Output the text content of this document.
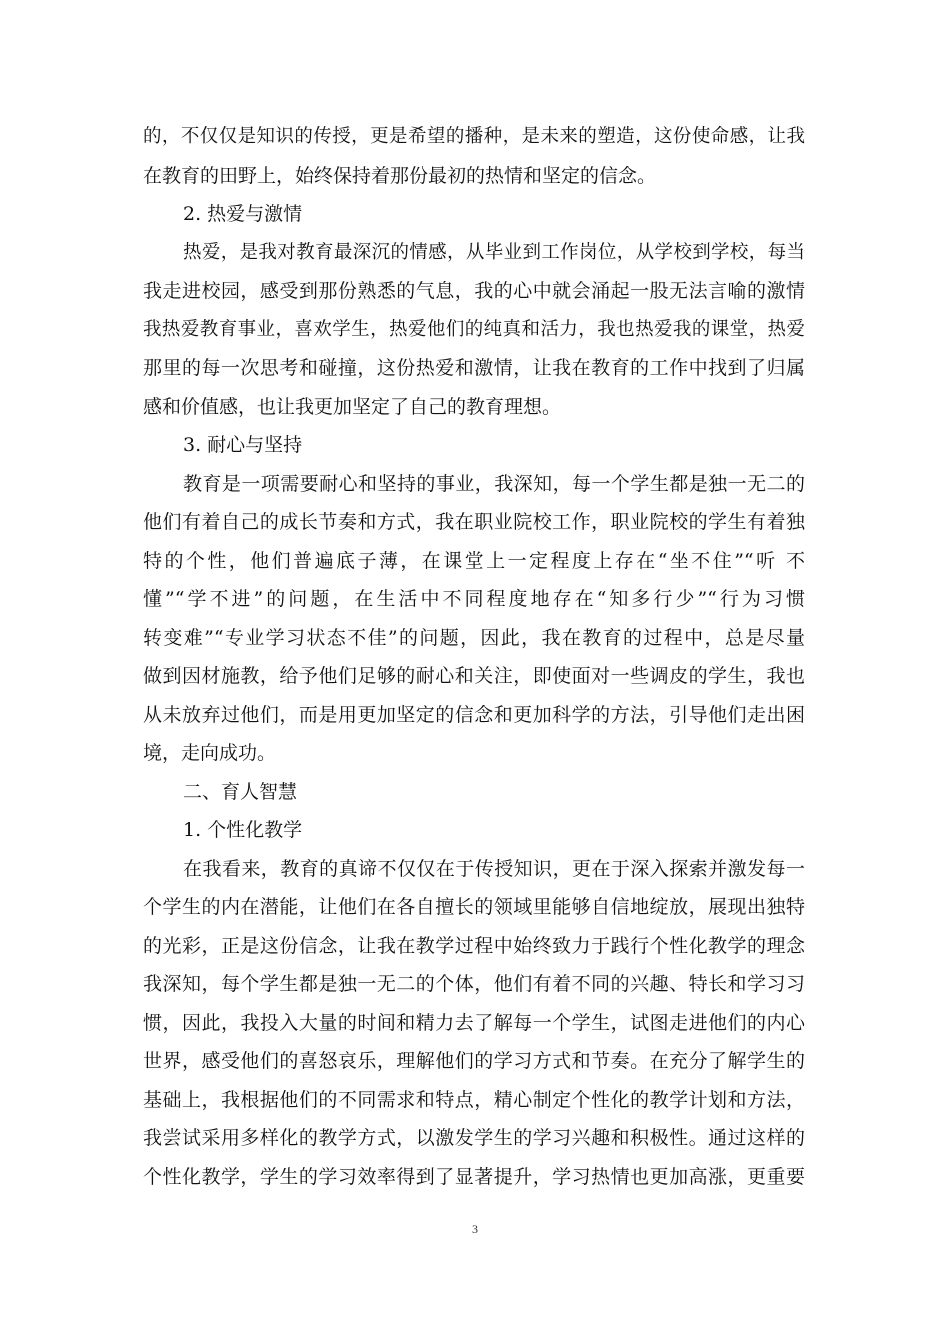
的，不仅仅是知识的传授，更是希望的播种，是未来的塑造，这份使命感，让我
在教育的田野上，始终保持着那份最初的热情和坚定的信念。
2. 热爱与激情
热爱，是我对教育最深沉的情感，从毕业到工作岗位，从学校到学校，每当
我走进校园，感受到那份熟悉的气息，我的心中就会涌起一股无法言喻的激情
我热爱教育事业，喜欢学生，热爱他们的纯真和活力，我也热爱我的课堂，热爱
那里的每一次思考和碰撞，这份热爱和激情，让我在教育的工作中找到了归属
感和价值感，也让我更加坚定了自己的教育理想。
3. 耐心与坚持
教育是一项需要耐心和坚持的事业，我深知，每一个学生都是独一无二的
他们有着自己的成长节奏和方式，我在职业院校工作，职业院校的学生有着独
特的个性，他们普遍底子薄，在课堂上一定程度上存在“坐不住”“听 不
懂”“学不进”的问题，在生活中不同程度地存在“知多行少”“行为习惯
转变难”“专业学习状态不佳”的问题，因此，我在教育的过程中，总是尽量
做到因材施教，给予他们足够的耐心和关注，即使面对一些调皮的学生，我也
从未放弃过他们，而是用更加坚定的信念和更加科学的方法，引导他们走出困
境，走向成功。
二、育人智慧
1. 个性化教学
在我看来，教育的真谛不仅仅在于传授知识，更在于深入探索并激发每一
个学生的内在潜能，让他们在各自擅长的领域里能够自信地绽放，展现出独特
的光彩，正是这份信念，让我在教学过程中始终致力于践行个性化教学的理念
我深知，每个学生都是独一无二的个体，他们有着不同的兴趣、特长和学习习
惯，因此，我投入大量的时间和精力去了解每一个学生，试图走进他们的内心
世界，感受他们的喜怒哀乐，理解他们的学习方式和节奏。在充分了解学生的
基础上，我根据他们的不同需求和特点，精心制定个性化的教学计划和方法，
我尝试采用多样化的教学方式，以激发学生的学习兴趣和积极性。通过这样的
个性化教学，学生的学习效率得到了显著提升，学习热情也更加高涨，更重要
3
